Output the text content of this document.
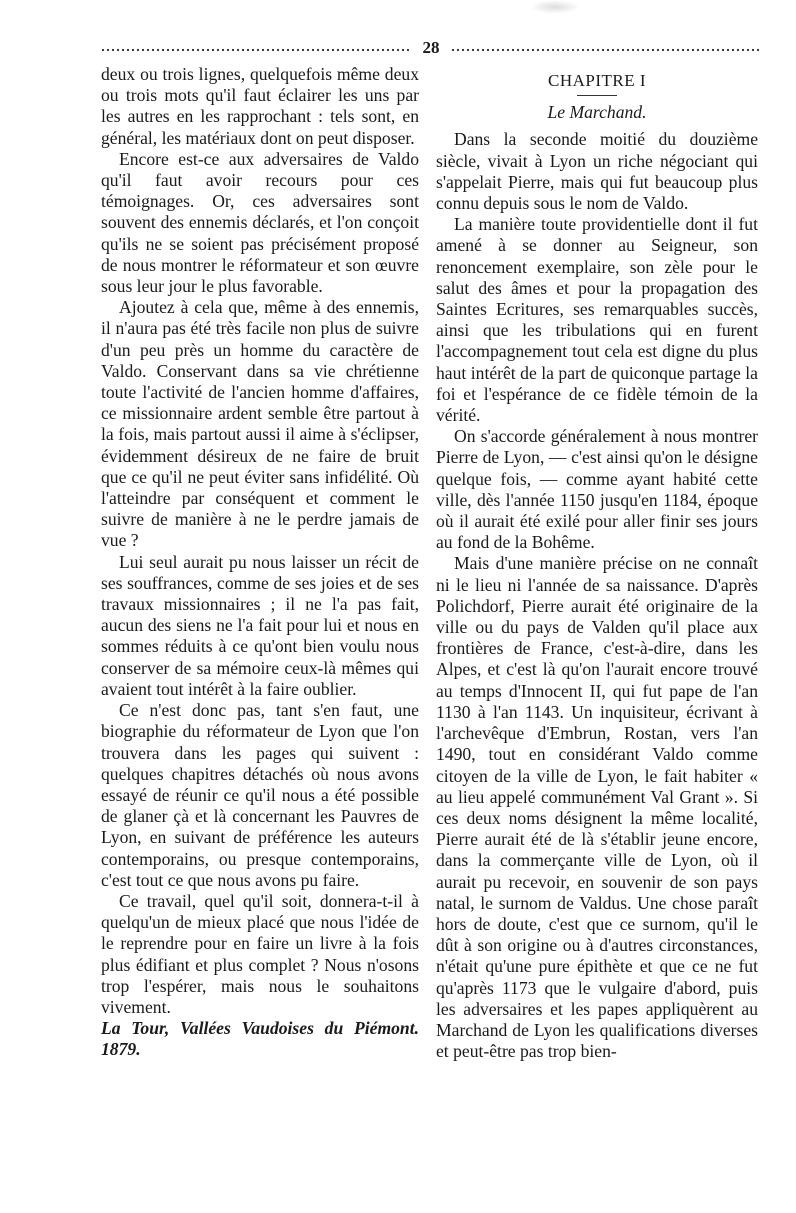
28

deux ou trois lignes, quelquefois même deux ou trois mots qu'il faut éclairer les uns par les autres en les rapprochant : tels sont, en général, les matériaux dont on peut disposer.

Encore est-ce aux adversaires de Valdo qu'il faut avoir recours pour ces témoignages. Or, ces adversaires sont souvent des ennemis déclarés, et l'on conçoit qu'ils ne se soient pas précisément proposé de nous montrer le réformateur et son œuvre sous leur jour le plus favorable.

Ajoutez à cela que, même à des ennemis, il n'aura pas été très facile non plus de suivre d'un peu près un homme du caractère de Valdo. Conservant dans sa vie chrétienne toute l'activité de l'ancien homme d'affaires, ce missionnaire ardent semble être partout à la fois, mais partout aussi il aime à s'éclipser, évidemment désireux de ne faire de bruit que ce qu'il ne peut éviter sans infidélité. Où l'atteindre par conséquent et comment le suivre de manière à ne le perdre jamais de vue ?

Lui seul aurait pu nous laisser un récit de ses souffrances, comme de ses joies et de ses travaux missionnaires ; il ne l'a pas fait, aucun des siens ne l'a fait pour lui et nous en sommes réduits à ce qu'ont bien voulu nous conserver de sa mémoire ceux-là mêmes qui avaient tout intérêt à la faire oublier.

Ce n'est donc pas, tant s'en faut, une biographie du réformateur de Lyon que l'on trouvera dans les pages qui suivent : quelques chapitres détachés où nous avons essayé de réunir ce qu'il nous a été possible de glaner çà et là concernant les Pauvres de Lyon, en suivant de préférence les auteurs contemporains, ou presque contemporains, c'est tout ce que nous avons pu faire.

Ce travail, quel qu'il soit, donnera-t-il à quelqu'un de mieux placé que nous l'idée de le reprendre pour en faire un livre à la fois plus édifiant et plus complet ? Nous n'osons trop l'espérer, mais nous le souhaitons vivement.

La Tour, Vallées Vaudoises du Piémont. 1879.

CHAPITRE I
Le Marchand.

Dans la seconde moitié du douzième siècle, vivait à Lyon un riche négociant qui s'appelait Pierre, mais qui fut beaucoup plus connu depuis sous le nom de Valdo.

La manière toute providentielle dont il fut amené à se donner au Seigneur, son renoncement exemplaire, son zèle pour le salut des âmes et pour la propagation des Saintes Ecritures, ses remarquables succès, ainsi que les tribulations qui en furent l'accompagnement tout cela est digne du plus haut intérêt de la part de quiconque partage la foi et l'espérance de ce fidèle témoin de la vérité.

On s'accorde généralement à nous montrer Pierre de Lyon, — c'est ainsi qu'on le désigne quelque fois, — comme ayant habité cette ville, dès l'année 1150 jusqu'en 1184, époque où il aurait été exilé pour aller finir ses jours au fond de la Bohême.

Mais d'une manière précise on ne connaît ni le lieu ni l'année de sa naissance. D'après Polichdorf, Pierre aurait été originaire de la ville ou du pays de Valden qu'il place aux frontières de France, c'est-à-dire, dans les Alpes, et c'est là qu'on l'aurait encore trouvé au temps d'Innocent II, qui fut pape de l'an 1130 à l'an 1143. Un inquisiteur, écrivant à l'archevêque d'Embrun, Rostan, vers l'an 1490, tout en considérant Valdo comme citoyen de la ville de Lyon, le fait habiter « au lieu appelé communément Val Grant ». Si ces deux noms désignent la même localité, Pierre aurait été de là s'établir jeune encore, dans la commerçante ville de Lyon, où il aurait pu recevoir, en souvenir de son pays natal, le surnom de Valdus. Une chose paraît hors de doute, c'est que ce surnom, qu'il le dût à son origine ou à d'autres circonstances, n'était qu'une pure épithète et que ce ne fut qu'après 1173 que le vulgaire d'abord, puis les adversaires et les papes appliquèrent au Marchand de Lyon les qualifications diverses et peut-être pas trop bien-
